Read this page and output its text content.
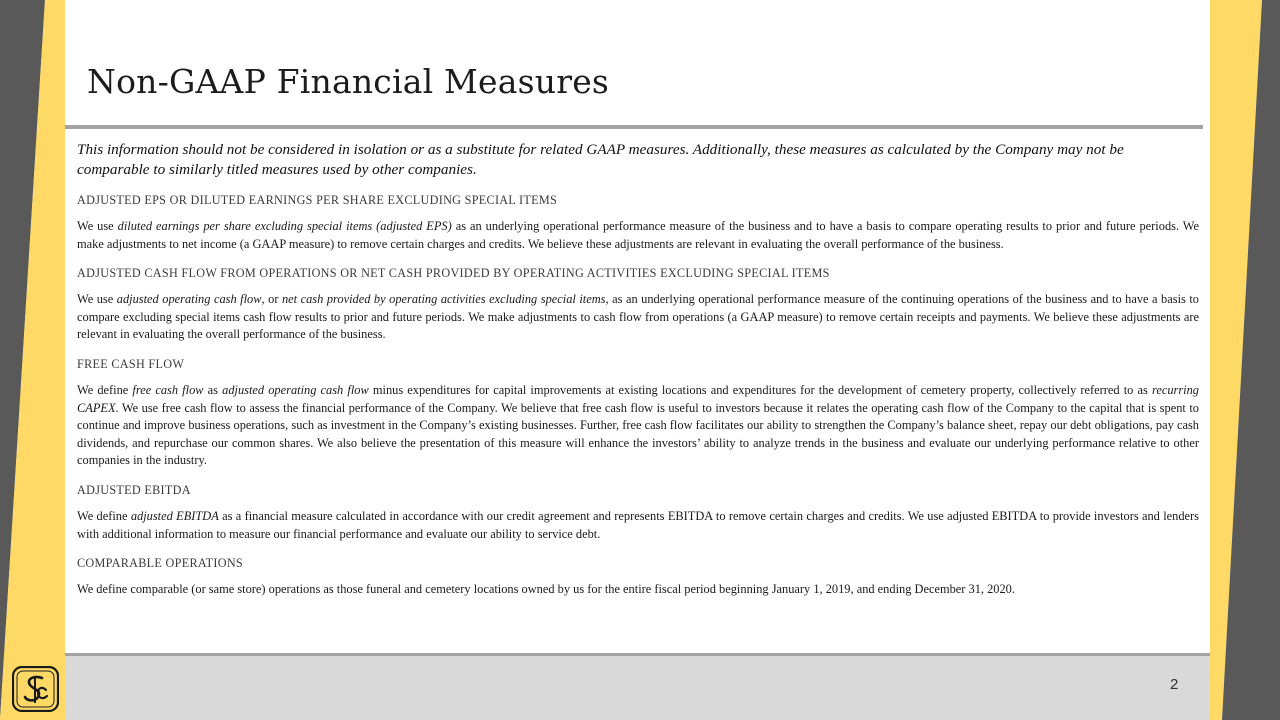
Non-GAAP Financial Measures

This information should not be considered in isolation or as a substitute for related GAAP measures. Additionally, these measures as calculated by the Company may not be comparable to similarly titled measures used by other companies.

ADJUSTED EPS OR DILUTED EARNINGS PER SHARE EXCLUDING SPECIAL ITEMS

We use diluted earnings per share excluding special items (adjusted EPS) as an underlying operational performance measure of the business and to have a basis to compare operating results to prior and future periods. We make adjustments to net income (a GAAP measure) to remove certain charges and credits. We believe these adjustments are relevant in evaluating the overall performance of the business.

ADJUSTED CASH FLOW FROM OPERATIONS OR NET CASH PROVIDED BY OPERATING ACTIVITIES EXCLUDING SPECIAL ITEMS

We use adjusted operating cash flow, or net cash provided by operating activities excluding special items, as an underlying operational performance measure of the continuing operations of the business and to have a basis to compare excluding special items cash flow results to prior and future periods. We make adjustments to cash flow from operations (a GAAP measure) to remove certain receipts and payments. We believe these adjustments are relevant in evaluating the overall performance of the business.

FREE CASH FLOW

We define free cash flow as adjusted operating cash flow minus expenditures for capital improvements at existing locations and expenditures for the development of cemetery property, collectively referred to as recurring CAPEX. We use free cash flow to assess the financial performance of the Company. We believe that free cash flow is useful to investors because it relates the operating cash flow of the Company to the capital that is spent to continue and improve business operations, such as investment in the Company’s existing businesses. Further, free cash flow facilitates our ability to strengthen the Company’s balance sheet, repay our debt obligations, pay cash dividends, and repurchase our common shares. We also believe the presentation of this measure will enhance the investors’ ability to analyze trends in the business and evaluate our underlying performance relative to other companies in the industry.

ADJUSTED EBITDA

We define adjusted EBITDA as a financial measure calculated in accordance with our credit agreement and represents EBITDA to remove certain charges and credits. We use adjusted EBITDA to provide investors and lenders with additional information to measure our financial performance and evaluate our ability to service debt.

COMPARABLE OPERATIONS

We define comparable (or same store) operations as those funeral and cemetery locations owned by us for the entire fiscal period beginning January 1, 2019, and ending December 31, 2020.

2
